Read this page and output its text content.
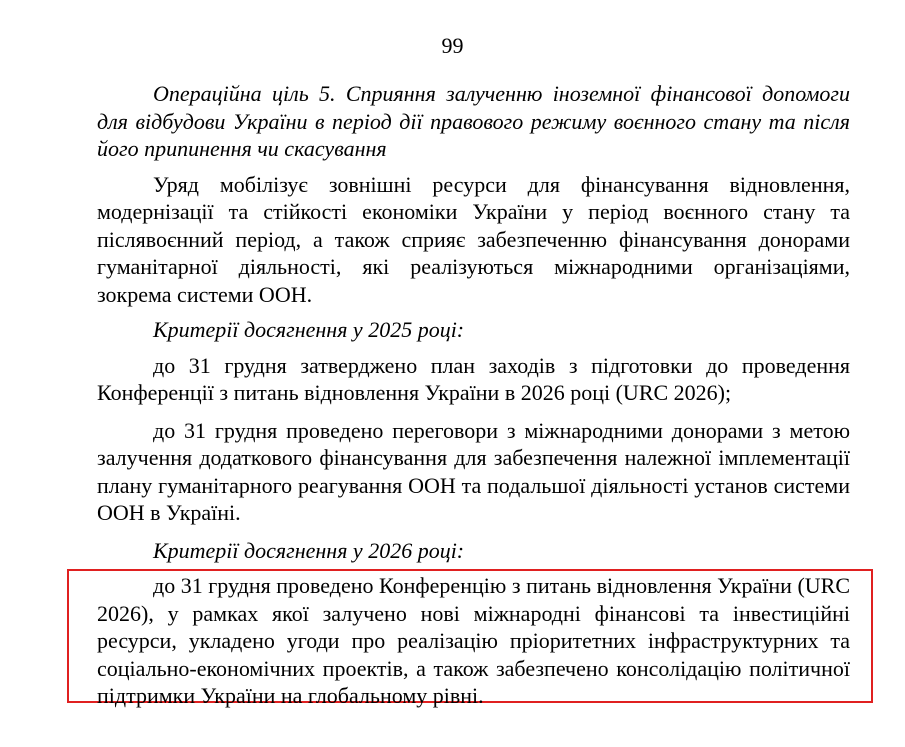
99

Операційна ціль 5. Сприяння залученню іноземної фінансової допомоги для відбудови України в період дії правового режиму воєнного стану та після його припинення чи скасування

Уряд мобілізує зовнішні ресурси для фінансування відновлення, модернізації та стійкості економіки України у період воєнного стану та післявоєнний період, а також сприяє забезпеченню фінансування донорами гуманітарної діяльності, які реалізуються міжнародними організаціями, зокрема системи ООН.

Критерії досягнення у 2025 році:

до 31 грудня затверджено план заходів з підготовки до проведення Конференції з питань відновлення України в 2026 році (URC 2026);

до 31 грудня проведено переговори з міжнародними донорами з метою залучення додаткового фінансування для забезпечення належної імплементації плану гуманітарного реагування ООН та подальшої діяльності установ системи ООН в Україні.

Критерії досягнення у 2026 році:

до 31 грудня проведено Конференцію з питань відновлення України (URC 2026), у рамках якої залучено нові міжнародні фінансові та інвестиційні ресурси, укладено угоди про реалізацію пріоритетних інфраструктурних та соціально-економічних проектів, а також забезпечено консолідацію політичної підтримки України на глобальному рівні.
